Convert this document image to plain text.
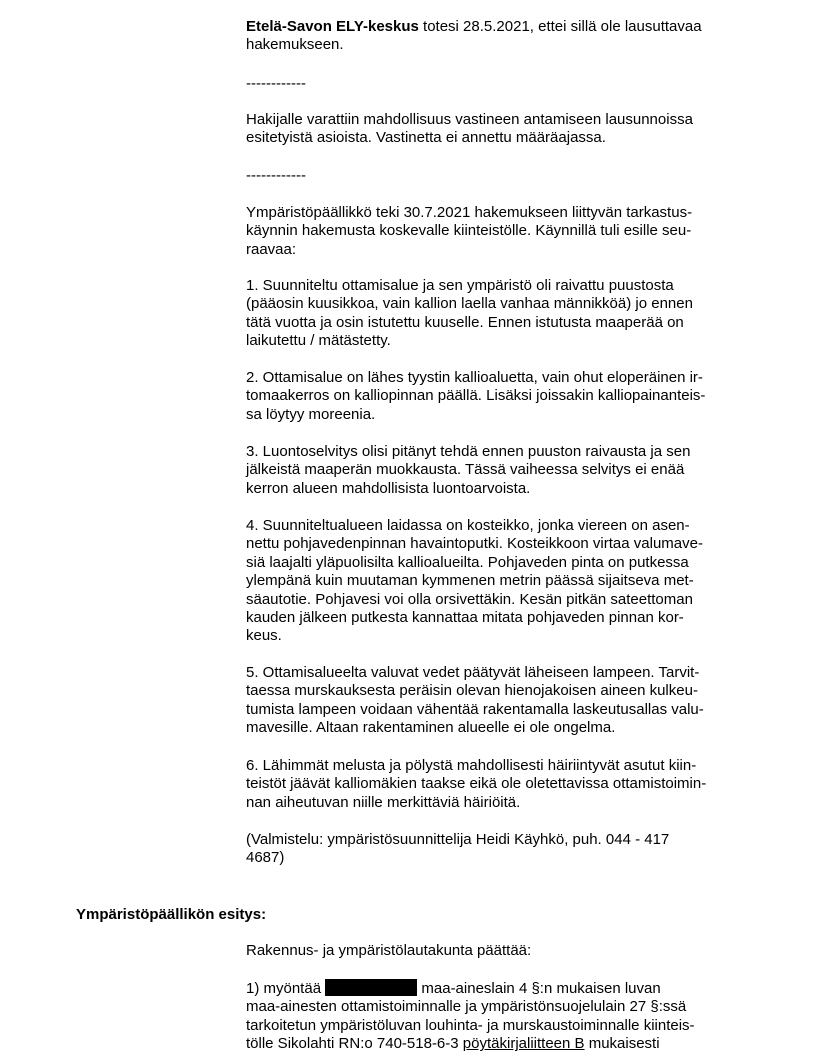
Etelä-Savon ELY-keskus totesi 28.5.2021, ettei sillä ole lausuttavaa

hakemukseen.

------------

Hakijalle varattiin mahdollisuus vastineen antamiseen lausunnoissa

esitetyistä asioista. Vastinetta ei annettu määräajassa.

------------

Ympäristöpäällikkö teki 30.7.2021 hakemukseen liittyvän tarkastus-

käynnin hakemusta koskevalle kiinteistölle. Käynnillä tuli esille seu-

raavaa:

1. Suunniteltu ottamisalue ja sen ympäristö oli raivattu puustosta

(pääosin kuusikkoa, vain kallion laella vanhaa männikköä) jo ennen

tätä vuotta ja osin istutettu kuuselle. Ennen istutusta maaperää on

laikutettu / mätästetty.

2. Ottamisalue on lähes tyystin kallioaluetta, vain ohut eloperäinen ir-

tomaakerros on kalliopinnan päällä. Lisäksi joissakin kalliopainanteis-

sa löytyy moreenia.

3. Luontoselvitys olisi pitänyt tehdä ennen puuston raivausta ja sen

jälkeistä maaperän muokkausta. Tässä vaiheessa selvitys ei enää

kerron alueen mahdollisista luontoarvoista.

4. Suunniteltualueen laidassa on kosteikko, jonka viereen on asen-

nettu pohjavedenpinnan havaintoputki. Kosteikkoon virtaa valumave-

siä laajalti yläpuolisilta kallioalueilta. Pohjaveden pinta on putkessa

ylempänä kuin muutaman kymmenen metrin päässä sijaitseva met-

säautotie. Pohjavesi voi olla orsivettäkin. Kesän pitkän sateettoman

kauden jälkeen putkesta kannattaa mitata pohjaveden pinnan kor-

keus.

5. Ottamisalueelta valuvat vedet päätyvät läheiseen lampeen. Tarvit-

taessa murskauksesta peräisin olevan hienojakoisen aineen kulkeu-

tumista lampeen voidaan vähentää rakentamalla laskeutusallas valu-

mavesille. Altaan rakentaminen alueelle ei ole ongelma.

6. Lähimmät melusta ja pölystä mahdollisesti häiriintyvät asutut kiin-

teistöt jäävät kalliomäkien taakse eikä ole oletettavissa ottamistoimin-

nan aiheutuvan niille merkittäviä häiriöitä.

(Valmistelu: ympäristösuunnittelija Heidi Käyhkö, puh. 044 - 417

4687)

Ympäristöpäällikön esitys:
Rakennus- ja ympäristölautakunta päättää:

1) myöntää	maa-aineslain 4 §:n mukaisen luvan

maa-ainesten ottamistoiminnalle ja ympäristönsuojelulain 27 §:ssä

tarkoitetun ympäristöluvan louhinta- ja murskaustoiminnalle kiinteis-

tölle Sikolahti RN:o 740-518-6-3 pöytäkirjaliitteen B mukaisesti
